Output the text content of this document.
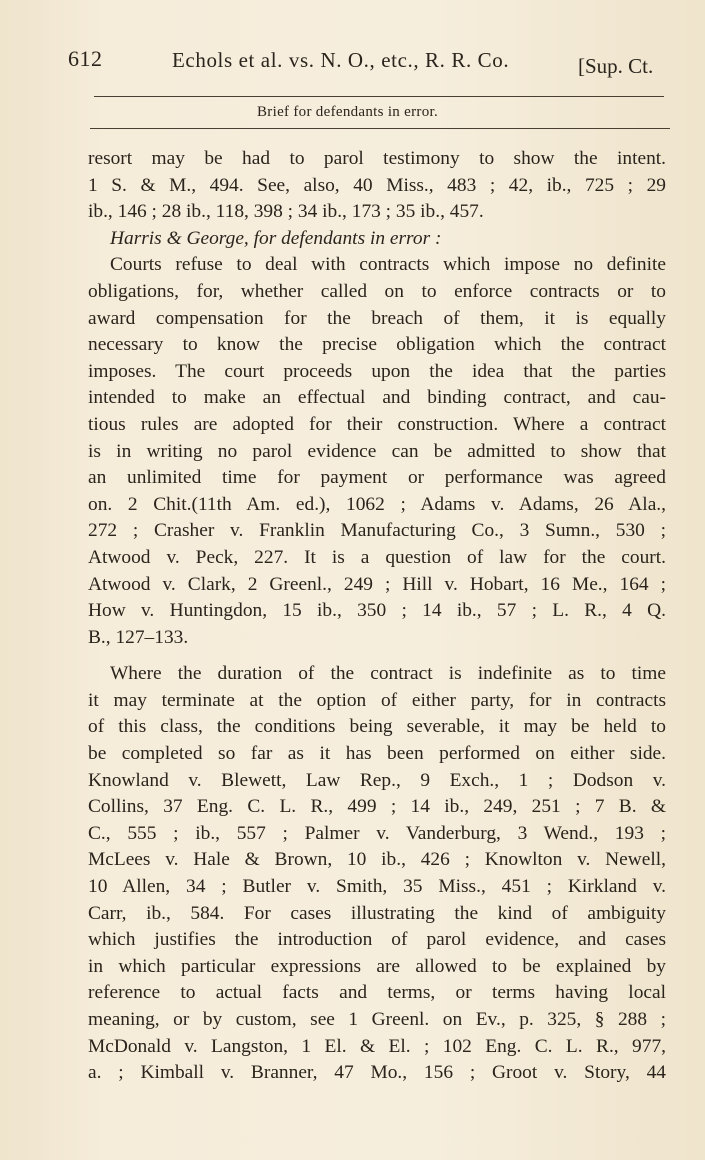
612	Echols et al. vs. N. O., etc., R. R. Co.	[Sup. Ct.
Brief for defendants in error.

resort may be had to parol testimony to show the intent.

1 S. & M., 494. See, also, 40 Miss., 483 ; 42, ib., 725 ; 29

ib., 146 ; 28 ib., 118, 398 ; 34 ib., 173 ; 35 ib., 457.

Harris & George, for defendants in error :

Courts refuse to deal with contracts which impose no definite

obligations, for, whether called on to enforce contracts or to

award compensation for the breach of them, it is equally

necessary to know the precise obligation which the contract

imposes. The court proceeds upon the idea that the parties

intended to make an effectual and binding contract, and cau-

tious rules are adopted for their construction. Where a contract

is in writing no parol evidence can be admitted to show that

an unlimited time for payment or performance was agreed

on. 2 Chit.(11th Am. ed.), 1062 ; Adams v. Adams, 26 Ala.,

272 ; Crasher v. Franklin Manufacturing Co., 3 Sumn., 530 ;

Atwood v. Peck, 227. It is a question of law for the court.

Atwood v. Clark, 2 Greenl., 249 ; Hill v. Hobart, 16 Me., 164 ;

How v. Huntingdon, 15 ib., 350 ; 14 ib., 57 ; L. R., 4 Q.

B., 127–133.

Where the duration of the contract is indefinite as to time

it may terminate at the option of either party, for in contracts

of this class, the conditions being severable, it may be held to

be completed so far as it has been performed on either side.

Knowland v. Blewett, Law Rep., 9 Exch., 1 ; Dodson v.

Collins, 37 Eng. C. L. R., 499 ; 14 ib., 249, 251 ; 7 B. &

C., 555 ; ib., 557 ; Palmer v. Vanderburg, 3 Wend., 193 ;

McLees v. Hale & Brown, 10 ib., 426 ; Knowlton v. Newell,

10 Allen, 34 ; Butler v. Smith, 35 Miss., 451 ; Kirkland v.

Carr, ib., 584. For cases illustrating the kind of ambiguity

which justifies the introduction of parol evidence, and cases

in which particular expressions are allowed to be explained by

reference to actual facts and terms, or terms having local

meaning, or by custom, see 1 Greenl. on Ev., p. 325, § 288 ;

McDonald v. Langston, 1 El. & El. ; 102 Eng. C. L. R., 977,

a. ; Kimball v. Branner, 47 Mo., 156 ; Groot v. Story, 44
